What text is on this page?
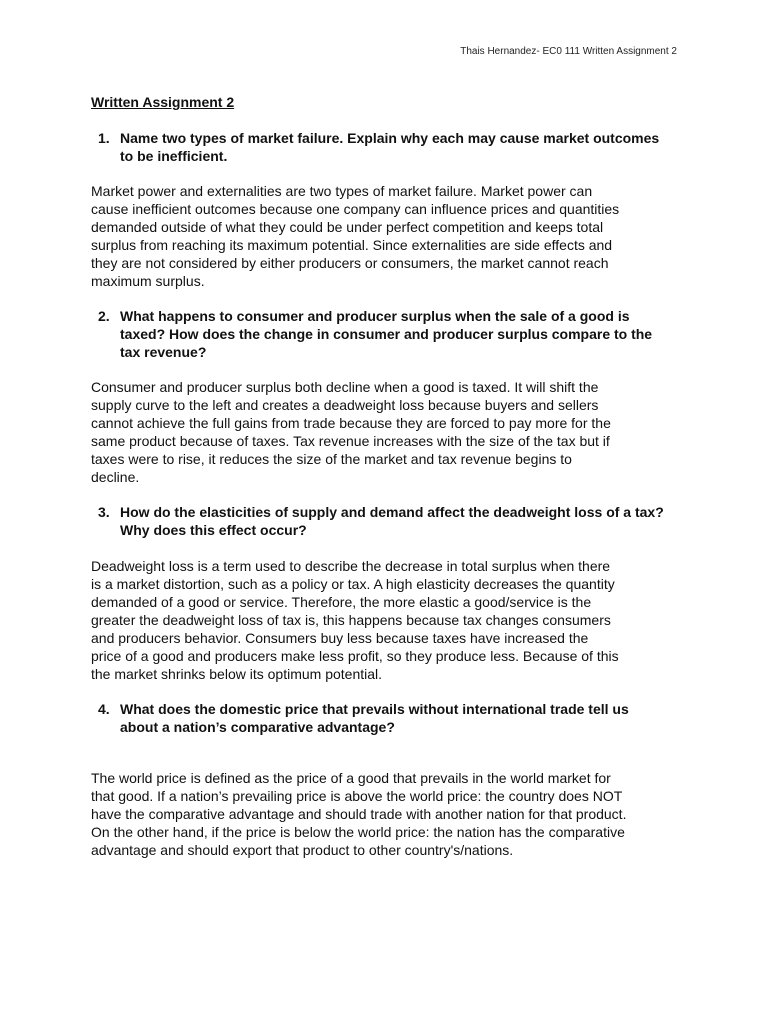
Thais Hernandez- EC0 111 Written Assignment 2
Written Assignment 2
1. Name two types of market failure. Explain why each may cause market outcomes to be inefficient.
Market power and externalities are two types of market failure. Market power can
cause inefficient outcomes because one company can influence prices and quantities
demanded outside of what they could be under perfect competition and keeps total
surplus from reaching its maximum potential. Since externalities are side effects and
they are not considered by either producers or consumers, the market cannot reach
maximum surplus.
2. What happens to consumer and producer surplus when the sale of a good is taxed? How does the change in consumer and producer surplus compare to the tax revenue?
Consumer and producer surplus both decline when a good is taxed. It will shift the
supply curve to the left and creates a deadweight loss because buyers and sellers
cannot achieve the full gains from trade because they are forced to pay more for the
same product because of taxes. Tax revenue increases with the size of the tax but if
taxes were to rise, it reduces the size of the market and tax revenue begins to
decline.
3. How do the elasticities of supply and demand affect the deadweight loss of a tax? Why does this effect occur?
Deadweight loss is a term used to describe the decrease in total surplus when there
is a market distortion, such as a policy or tax. A high elasticity decreases the quantity
demanded of a good or service. Therefore, the more elastic a good/service is the
greater the deadweight loss of tax is, this happens because tax changes consumers
and producers behavior. Consumers buy less because taxes have increased the
price of a good and producers make less profit, so they produce less. Because of this
the market shrinks below its optimum potential.
4. What does the domestic price that prevails without international trade tell us about a nation’s comparative advantage?
The world price is defined as the price of a good that prevails in the world market for
that good. If a nation’s prevailing price is above the world price: the country does NOT
have the comparative advantage and should trade with another nation for that product.
On the other hand, if the price is below the world price: the nation has the comparative
advantage and should export that product to other country's/nations.
